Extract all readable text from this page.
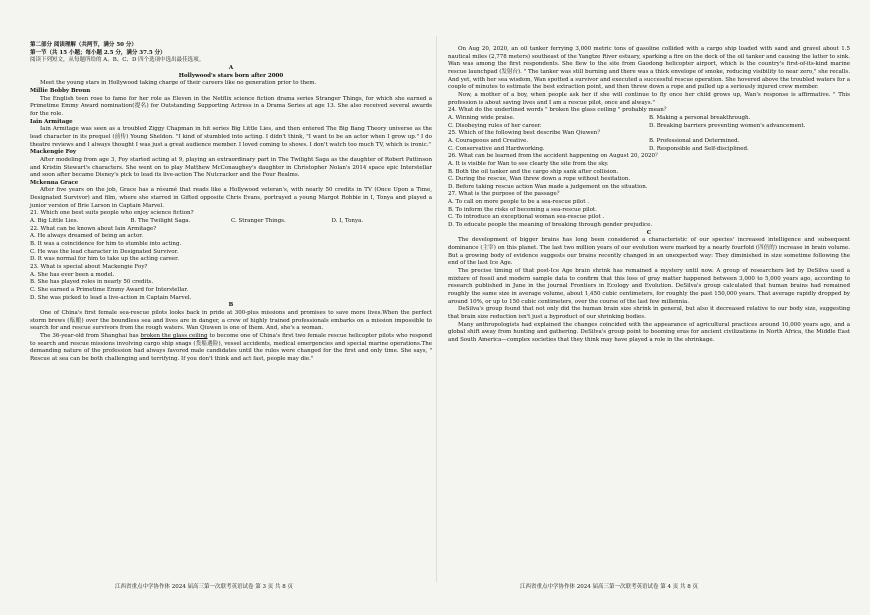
第二部分 阅读理解（共两节，满分 50 分）

第一节（共 15 小题；每小题 2.5 分，满分 37.5 分）

阅读下列短文，从每题所给的 A、B、C、D 四个选项中选出最佳选项。

A

Hollywood's stars born after 2000

Meet the young stars in Hollywood taking charge of their careers like no generation prior to them.

Millie Bobby Broun

The English teen rose to fame for her role as Eleven in the Netflix science fiction drama series Stranger Things, for which she earned a Primetime Emmy Award nomination(提名) for Outstanding Supporting Actress in a Drama Series at age 13. She also received several awards for the role.

Iain Armitage

Iain Armitage was seen as a troubled Ziggy Chapman in hit series Big Little Lies, and then entered The Big Bang Theory universe as the lead character in its prequel (前传) Young Sheldon. "I kind of stumbled into acting. I didn't think, "I want to be an actor when I grow up." I do theatre reviews and I always thought I was just a great audience member. I loved coming to shows. I don't watch too much TV, which is ironic."

Mackengie Foy

After modeling from age 3, Foy started acting at 9, playing an extraordinary part in The Twilight Saga as the daughter of Robert Pattinson and Kristin Stewart's characters. She went on to play Matthew McConaughey's daughter in Christopher Nolan's 2014 space epic Interstellar and soon after became Disney's pick to lead its live-action The Nutcracker and the Four Realms.

Mckenna Grace

After five years on the job, Grace has a résumé that reads like a Hollywood veteran's, with nearly 50 credits in TV (Once Upon a Time, Designated Survivor) and film, where she starred in Gifted opposite Chris Evans, portrayed a young Margot Robbie in I, Tonya and played a junior version of Brie Larson in Captain Marvel.

21. Which one best suits people who enjoy science fiction?

A. Big Little Lies.	B. The Twilight Saga.	C. Stranger Things.	D. I, Tonya.

22. What can be known about Iain Armitage?

A. He always dreamed of being an actor.

B. It was a coincidence for him to stumble into acting.

C. He was the lead character in Designated Survivor.

D. It was normal for him to take up the acting career.

23. What is special about Mackengie Foy?

A. She has ever been a model.

B. She has played roles in nearly 50 credits.

C. She earned a Primetime Emmy Award for Interstellar.

D. She was picked to lead a live-action in Captain Marvel.

B

One of China's first female sea-rescue pilots looks back in pride at 300-plus missions and promises to save more lives.When the perfect storm brews (酝酿) over the boundless sea and lives are in danger, a crew of highly trained professionals embarks on a mission impossible to search for and rescue survivors from the rough waters. Wan Qiuwen is one of them. And, she's a woman.

The 36-year-old from Shanghai has broken the glass ceiling to become one of China's first two female rescue helicopter pilots who respond to search and rescue missions involving cargo ship snags (货船遇险), vessel accidents, medical emergencies and special marine operations.The demanding nature of the profession had always favored male candidates until the rules were changed for the first and only time. She says, " Rescue at sea can be both challenging and terrifying. If you don't think and act fast, people may die."

On Aug 20, 2020, an oil tanker ferrying 3,000 metric tons of gasoline collided with a cargo ship loaded with sand and gravel about 1.5 nautical miles (2,778 meters) southeast of the Yangtze River estuary, sparking a fire on the deck of the oil tanker and causing the latter to sink. Wan was among the first respondents. She flew to the site from Gaodong helicopter airport, which is the country's first-of-its-kind marine rescue launchpad (发射台). " The tanker was still burning and there was a thick envelope of smoke, reducing visibility to near zero," she recalls. And yet, with her sea wisdom, Wan spotted a survivor and executed a successful rescue operation. She hovered above the troubled waters for a couple of minutes to estimate the best extraction point, and then threw down a rope and pulled up a seriously injured crew member.

Now, a mother of a boy, when people ask her if she will continue to fly once her child grows up, Wan's response is affirmative. " This profession is about saving lives and I am a rescue pilot, once and always."

24. What do the underlined words " broken the glass ceiling " probably mean？

A. Winning wide praise.	B. Making a personal breakthrough.
C. Disobeying rules of her career.	D. Breaking barriers preventing women's advancement.

25. Which of the following best describe Wan Qiuwen？

A. Courageous and Creative.	B. Professional and Determined.
C. Conservative and Hardworking.	D. Responsible and Self-disciplined.

26. What can be learned from the accident happening on August 20, 2020？

A. It is visible for Wan to see clearly the site from the sky.

B. Both the oil tanker and the cargo ship sank after collision.

C. During the rescue, Wan threw down a rope without hesitation.

D. Before taking rescue action Wan made a judgement on the situation.

27. What is the purpose of the passage？

A. To call on more people to be a sea-rescue pilot .

B. To inform the risks of becoming a sea-rescue pilot.

C. To introduce an exceptional woman sea-rescue pilot .

D. To educate people the meaning of breaking through gender prejudice.

C

The development of bigger brains has long been considered a characteristic of our species' increased intelligence and subsequent dominance (主宰) on this planet. The last two million years of our evolution were marked by a nearly fourfold (四倍的) increase in brain volume. But a growing body of evidence suggests our brains recently changed in an unexpected way: They diminished in size sometime following the end of the last Ice Age.

The precise timing of that post-Ice Age brain shrink has remained a mystery until now. A group of researchers led by DeSilva used a mixture of fossil and modern sample data to confirm that this loss of gray matter happened between 3,000 to 5,000 years ago, according to research published in June in the journal Frontiers in Ecology and Evolution. DeSilva's group calculated that human brains had remained roughly the same size in average volume, about 1,450 cubic centimeters, for roughly the past 150,000 years. That average rapidly dropped by around 10%, or up to 150 cubic centimeters, over the course of the last few millennia.

DeSilva's group found that not only did the human brain size shrink in general, but also it decreased relative to our body size, suggesting that brain size reduction isn't just a byproduct of our shrinking bodies.

Many anthropologists had explained the changes coincided with the appearance of agricultural practices around 10,000 years ago, and a global shift away from hunting and gathering. DeSilva's group point to booming eras for ancient civilizations in North Africa, the Middle East and South America—complex societies that they think may have played a role in the shrinkage.

江西省重点中学协作体 2024 届高三第一次联考英语试卷 第 3 页 共 8 页	江西省重点中学协作体 2024 届高三第一次联考英语试卷 第 4 页 共 8 页
